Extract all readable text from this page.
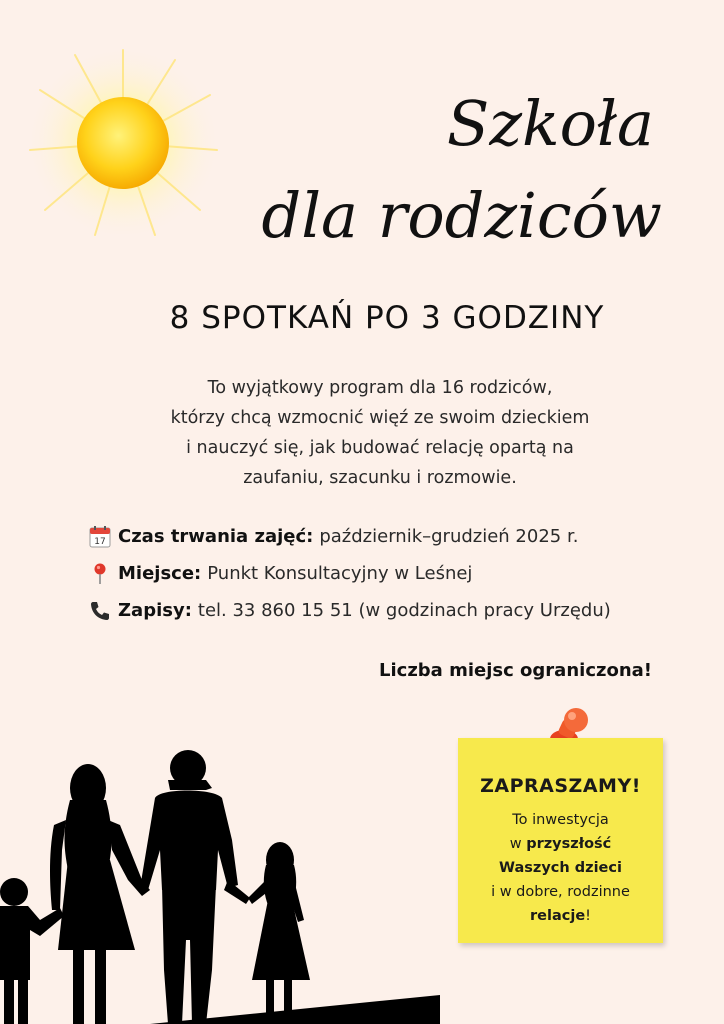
Szkoła

dla rodziców
8 SPOTKAŃ PO 3 GODZINY
To wyjątkowy program dla 16 rodziców,
którzy chcą wzmocnić więź ze swoim dzieckiem
i nauczyć się, jak budować relację opartą na
zaufaniu, szacunku i rozmowie.
17 Czas trwania zajęć: październik–grudzień 2025 r.
Miejsce: Punkt Konsultacyjny w Leśnej
Zapisy: tel. 33 860 15 51 (w godzinach pracy Urzędu)
Liczba miejsc ograniczona!
ZAPRASZAMY!
To inwestycja
w przyszłość
Waszych dzieci
i w dobre, rodzinne
relacje!
